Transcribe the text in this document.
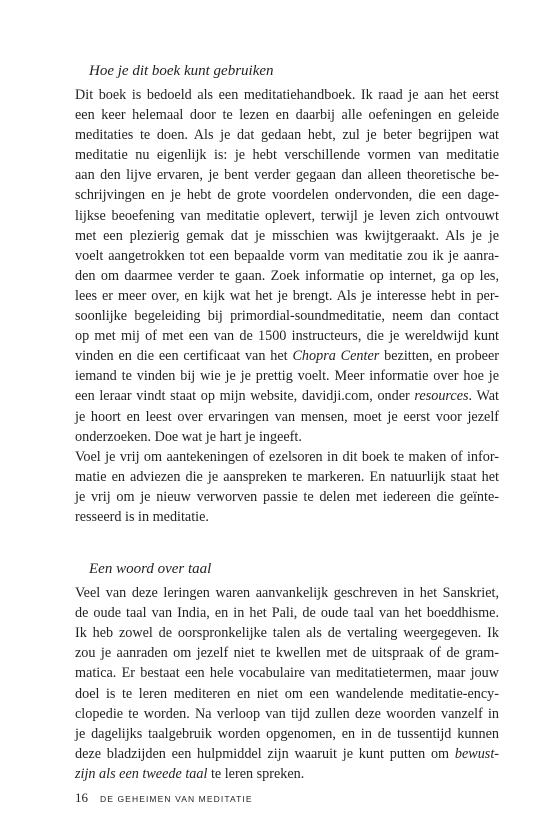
Hoe je dit boek kunt gebruiken
Dit boek is bedoeld als een meditatiehandboek. Ik raad je aan het eerst
een keer helemaal door te lezen en daarbij alle oefeningen en geleide
meditaties te doen. Als je dat gedaan hebt, zul je beter begrijpen wat
meditatie nu eigenlijk is: je hebt verschillende vormen van meditatie
aan den lijve ervaren, je bent verder gegaan dan alleen theoretische be-
schrijvingen en je hebt de grote voordelen ondervonden, die een dage-
lijkse beoefening van meditatie oplevert, terwijl je leven zich ontvouwt
met een plezierig gemak dat je misschien was kwijtgeraakt. Als je je
voelt aangetrokken tot een bepaalde vorm van meditatie zou ik je aanra-
den om daarmee verder te gaan. Zoek informatie op internet, ga op les,
lees er meer over, en kijk wat het je brengt. Als je interesse hebt in per-
soonlijke begeleiding bij primordial-soundmeditatie, neem dan contact
op met mij of met een van de 1500 instructeurs, die je wereldwijd kunt
vinden en die een certificaat van het Chopra Center bezitten, en probeer
iemand te vinden bij wie je je prettig voelt. Meer informatie over hoe je
een leraar vindt staat op mijn website, davidji.com, onder resources. Wat
je hoort en leest over ervaringen van mensen, moet je eerst voor jezelf
onderzoeken. Doe wat je hart je ingeeft.
Voel je vrij om aantekeningen of ezelsoren in dit boek te maken of infor-
matie en adviezen die je aanspreken te markeren. En natuurlijk staat het
je vrij om je nieuw verworven passie te delen met iedereen die geïnte-
resseerd is in meditatie.
Een woord over taal
Veel van deze leringen waren aanvankelijk geschreven in het Sanskriet,
de oude taal van India, en in het Pali, de oude taal van het boeddhisme.
Ik heb zowel de oorspronkelijke talen als de vertaling weergegeven. Ik
zou je aanraden om jezelf niet te kwellen met de uitspraak of de gram-
matica. Er bestaat een hele vocabulaire van meditatietermen, maar jouw
doel is te leren mediteren en niet om een wandelende meditatie-ency-
clopedie te worden. Na verloop van tijd zullen deze woorden vanzelf in
je dagelijks taalgebruik worden opgenomen, en in de tussentijd kunnen
deze bladzijden een hulpmiddel zijn waaruit je kunt putten om bewust-
zijn als een tweede taal te leren spreken.
16 DE GEHEIMEN VAN MEDITATIE
